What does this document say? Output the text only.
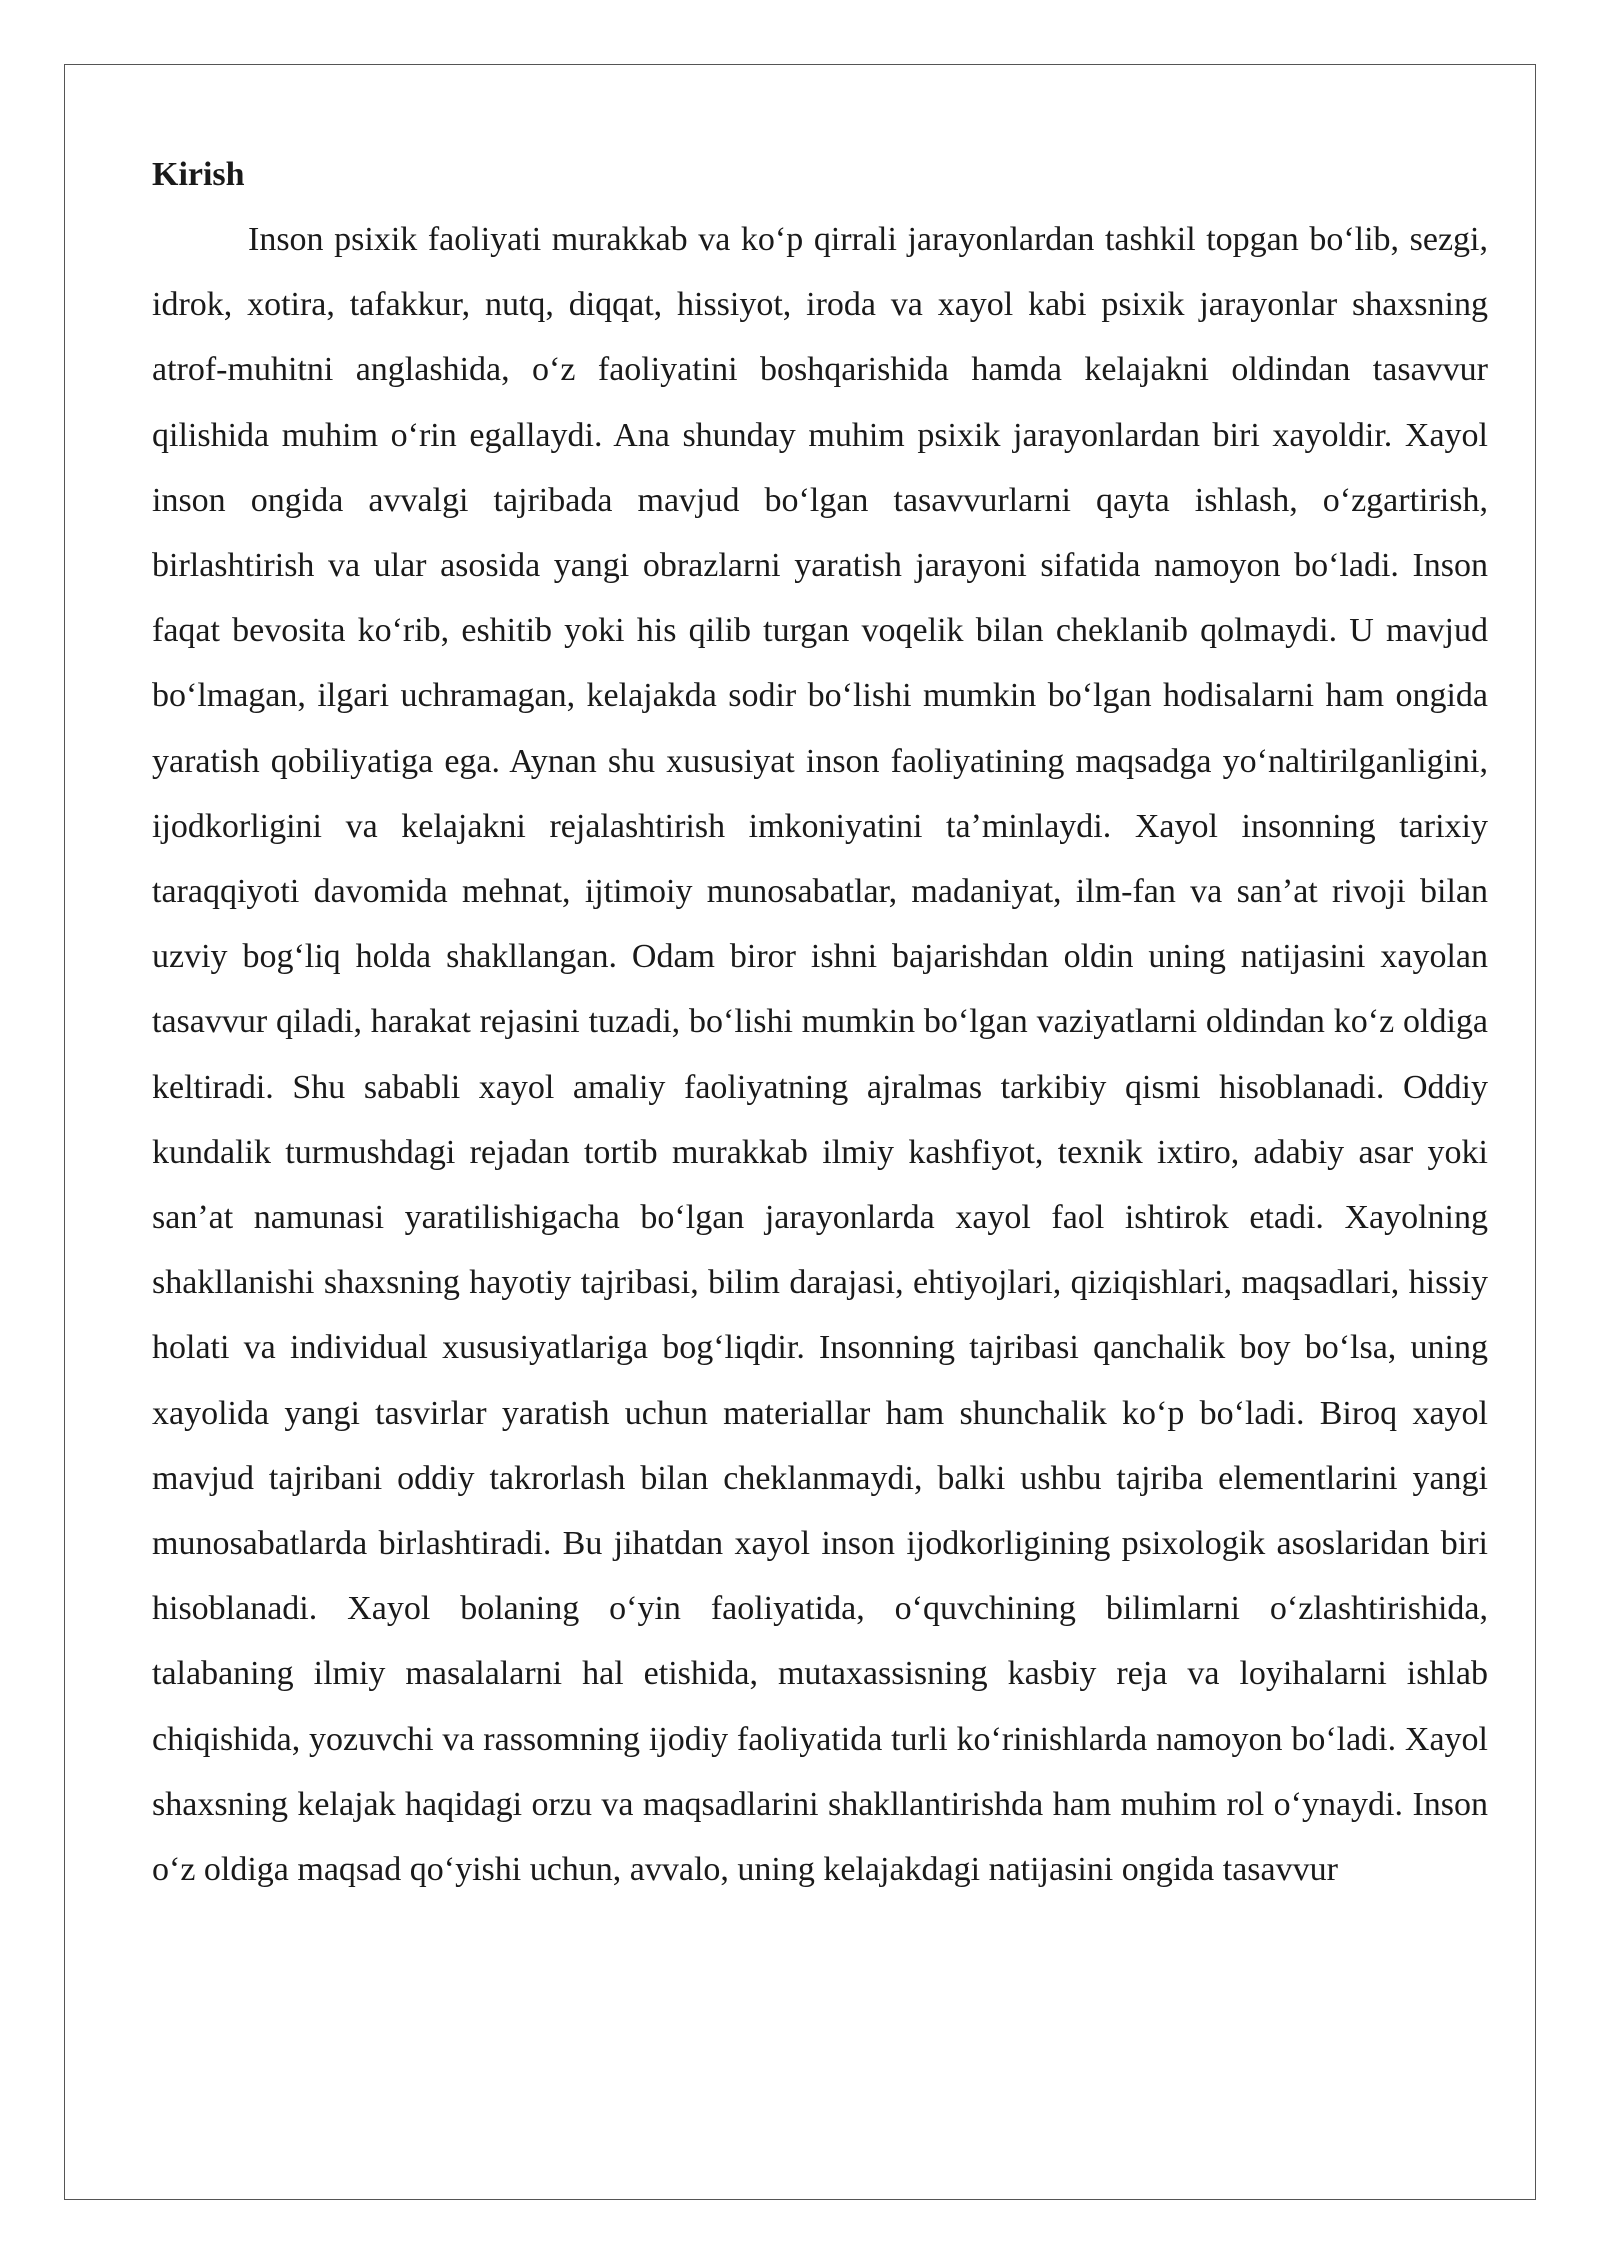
Kirish

Inson psixik faoliyati murakkab va koʻp qirrali jarayonlardan tashkil topgan boʻlib, sezgi, idrok, xotira, tafakkur, nutq, diqqat, hissiyot, iroda va xayol kabi psixik jarayonlar shaxsning atrof-muhitni anglashida, oʻz faoliyatini boshqarishida hamda kelajakni oldindan tasavvur qilishida muhim oʻrin egallaydi. Ana shunday muhim psixik jarayonlardan biri xayoldir. Xayol inson ongida avvalgi tajribada mavjud boʻlgan tasavvurlarni qayta ishlash, oʻzgartirish, birlashtirish va ular asosida yangi obrazlarni yaratish jarayoni sifatida namoyon boʻladi. Inson faqat bevosita koʻrib, eshitib yoki his qilib turgan voqelik bilan cheklanib qolmaydi. U mavjud boʻlmagan, ilgari uchramagan, kelajakda sodir boʻlishi mumkin boʻlgan hodisalarni ham ongida yaratish qobiliyatiga ega. Aynan shu xususiyat inson faoliyatining maqsadga yoʻnaltirilganligini, ijodkorligini va kelajakni rejalashtirish imkoniyatini taʼminlaydi. Xayol insonning tarixiy taraqqiyoti davomida mehnat, ijtimoiy munosabatlar, madaniyat, ilm-fan va sanʼat rivoji bilan uzviy bogʻliq holda shakllangan. Odam biror ishni bajarishdan oldin uning natijasini xayolan tasavvur qiladi, harakat rejasini tuzadi, boʻlishi mumkin boʻlgan vaziyatlarni oldindan koʻz oldiga keltiradi. Shu sababli xayol amaliy faoliyatning ajralmas tarkibiy qismi hisoblanadi. Oddiy kundalik turmushdagi rejadan tortib murakkab ilmiy kashfiyot, texnik ixtiro, adabiy asar yoki sanʼat namunasi yaratilishigacha boʻlgan jarayonlarda xayol faol ishtirok etadi. Xayolning shakllanishi shaxsning hayotiy tajribasi, bilim darajasi, ehtiyojlari, qiziqishlari, maqsadlari, hissiy holati va individual xususiyatlariga bogʻliqdir. Insonning tajribasi qanchalik boy boʻlsa, uning xayolida yangi tasvirlar yaratish uchun materiallar ham shunchalik koʻp boʻladi. Biroq xayol mavjud tajribani oddiy takrorlash bilan cheklanmaydi, balki ushbu tajriba elementlarini yangi munosabatlarda birlashtiradi. Bu jihatdan xayol inson ijodkorligining psixologik asoslaridan biri hisoblanadi. Xayol bolaning oʻyin faoliyatida, oʻquvchining bilimlarni oʻzlashtirishida, talabaning ilmiy masalalarni hal etishida, mutaxassisning kasbiy reja va loyihalarni ishlab chiqishida, yozuvchi va rassomning ijodiy faoliyatida turli koʻrinishlarda namoyon boʻladi. Xayol shaxsning kelajak haqidagi orzu va maqsadlarini shakllantirishda ham muhim rol oʻynaydi. Inson oʻz oldiga maqsad qoʻyishi uchun, avvalo, uning kelajakdagi natijasini ongida tasavvur
